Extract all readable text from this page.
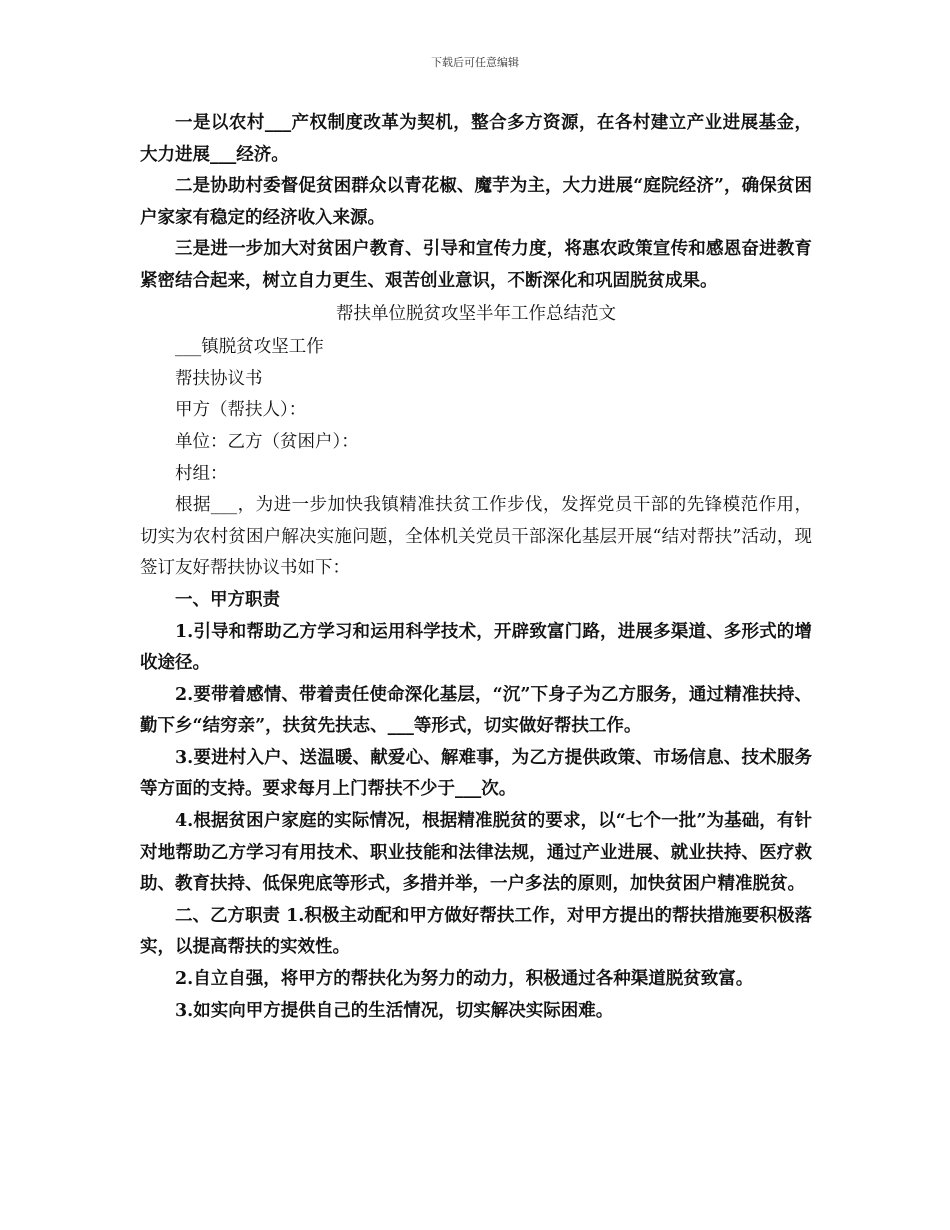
下载后可任意编辑

一是以农村___产权制度改革为契机，整合多方资源，在各村建立产业进展基金，大力进展___经济。

二是协助村委督促贫困群众以青花椒、魔芋为主，大力进展“庭院经济”，确保贫困户家家有稳定的经济收入来源。

三是进一步加大对贫困户教育、引导和宣传力度，将惠农政策宣传和感恩奋进教育紧密结合起来，树立自力更生、艰苦创业意识，不断深化和巩固脱贫成果。

帮扶单位脱贫攻坚半年工作总结范文

___镇脱贫攻坚工作

帮扶协议书

甲方（帮扶人）：

单位：乙方（贫困户）：

村组：

根据___，为进一步加快我镇精准扶贫工作步伐，发挥党员干部的先锋模范作用，切实为农村贫困户解决实施问题，全体机关党员干部深化基层开展“结对帮扶”活动，现签订友好帮扶协议书如下：

一、甲方职责

1.引导和帮助乙方学习和运用科学技术，开辟致富门路，进展多渠道、多形式的增收途径。

2.要带着感情、带着责任使命深化基层，“沉”下身子为乙方服务，通过精准扶持、勤下乡“结穷亲”，扶贫先扶志、___等形式，切实做好帮扶工作。

3.要进村入户、送温暖、献爱心、解难事，为乙方提供政策、市场信息、技术服务等方面的支持。要求每月上门帮扶不少于___次。

4.根据贫困户家庭的实际情况，根据精准脱贫的要求，以“七个一批”为基础，有针对地帮助乙方学习有用技术、职业技能和法律法规，通过产业进展、就业扶持、医疗救助、教育扶持、低保兜底等形式，多措并举，一户多法的原则，加快贫困户精准脱贫。

二、乙方职责 1.积极主动配和甲方做好帮扶工作，对甲方提出的帮扶措施要积极落实，以提高帮扶的实效性。

2.自立自强，将甲方的帮扶化为努力的动力，积极通过各种渠道脱贫致富。

3.如实向甲方提供自己的生活情况，切实解决实际困难。
